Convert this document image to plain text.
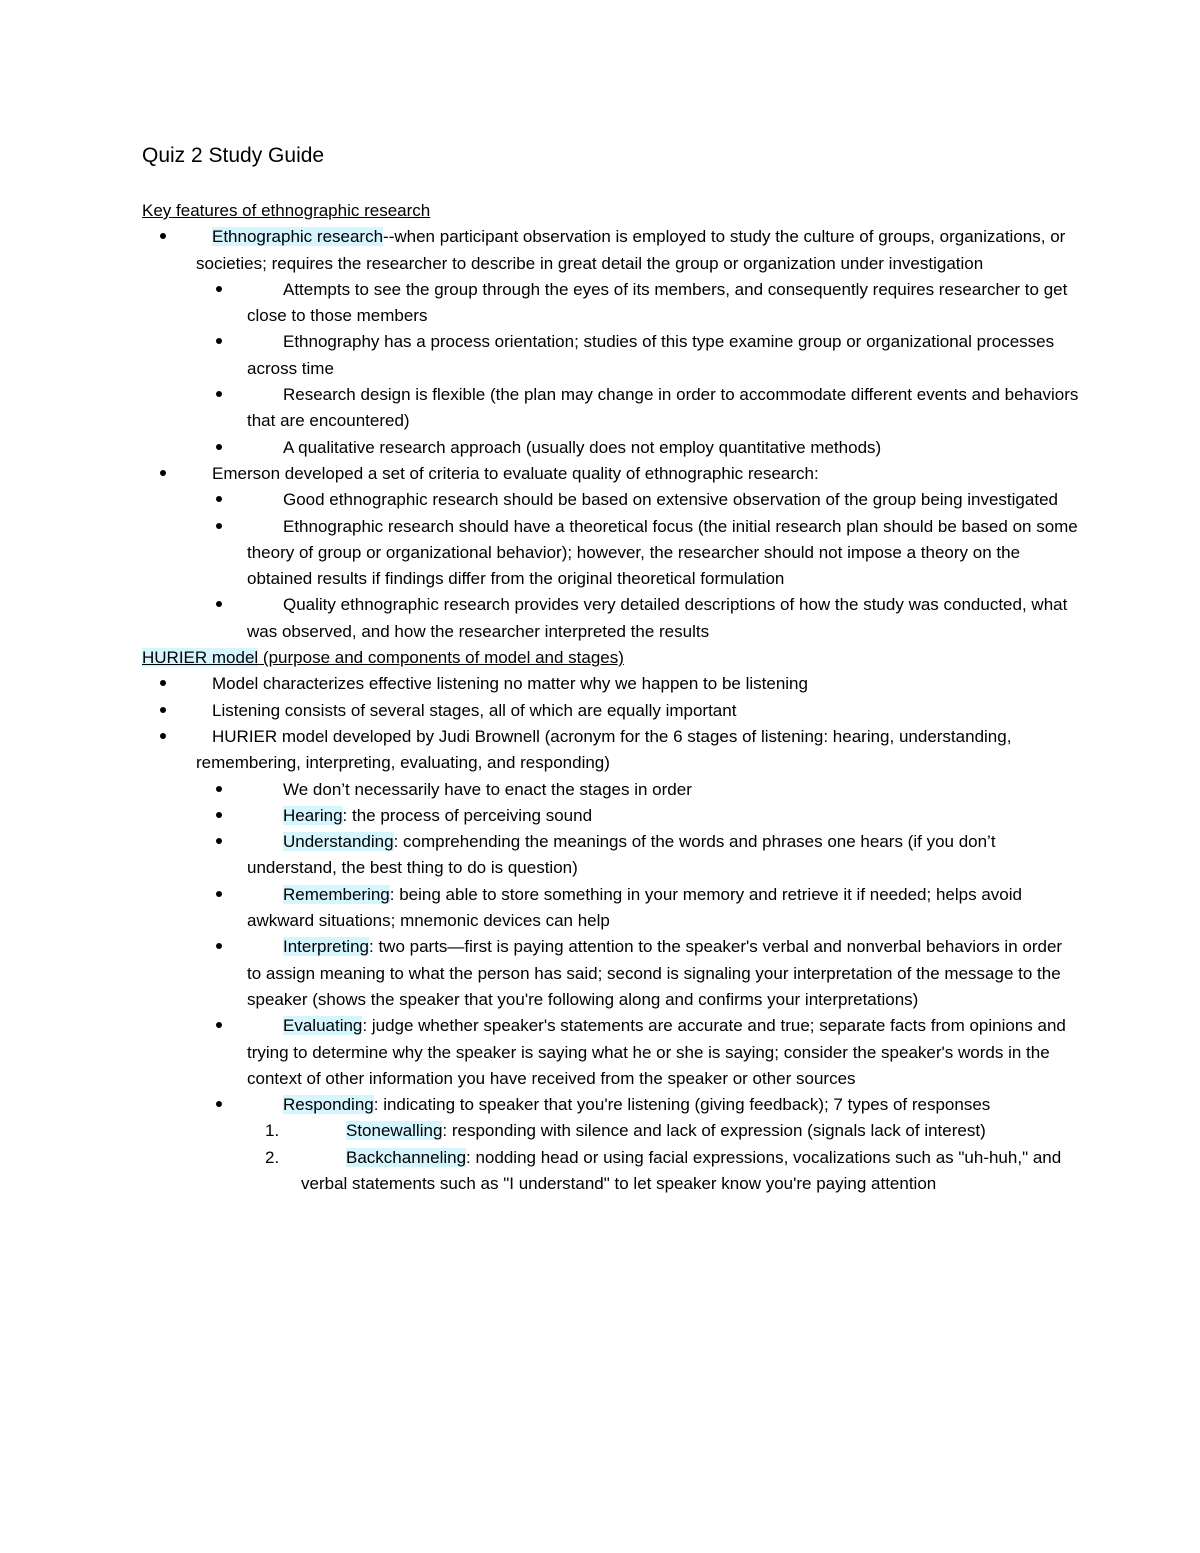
Quiz 2 Study Guide
Key features of ethnographic research
Ethnographic research--when participant observation is employed to study the culture of groups, organizations, or societies; requires the researcher to describe in great detail the group or organization under investigation
Attempts to see the group through the eyes of its members, and consequently requires researcher to get close to those members
Ethnography has a process orientation; studies of this type examine group or organizational processes across time
Research design is flexible (the plan may change in order to accommodate different events and behaviors that are encountered)
A qualitative research approach (usually does not employ quantitative methods)
Emerson developed a set of criteria to evaluate quality of ethnographic research:
Good ethnographic research should be based on extensive observation of the group being investigated
Ethnographic research should have a theoretical focus (the initial research plan should be based on some theory of group or organizational behavior); however, the researcher should not impose a theory on the obtained results if findings differ from the original theoretical formulation
Quality ethnographic research provides very detailed descriptions of how the study was conducted, what was observed, and how the researcher interpreted the results
HURIER model (purpose and components of model and stages)
Model characterizes effective listening no matter why we happen to be listening
Listening consists of several stages, all of which are equally important
HURIER model developed by Judi Brownell (acronym for the 6 stages of listening: hearing, understanding, remembering, interpreting, evaluating, and responding)
We don’t necessarily have to enact the stages in order
Hearing: the process of perceiving sound
Understanding: comprehending the meanings of the words and phrases one hears (if you don’t understand, the best thing to do is question)
Remembering: being able to store something in your memory and retrieve it if needed; helps avoid awkward situations; mnemonic devices can help
Interpreting: two parts—first is paying attention to the speaker's verbal and nonverbal behaviors in order to assign meaning to what the person has said; second is signaling your interpretation of the message to the speaker (shows the speaker that you're following along and confirms your interpretations)
Evaluating: judge whether speaker's statements are accurate and true; separate facts from opinions and trying to determine why the speaker is saying what he or she is saying; consider the speaker's words in the context of other information you have received from the speaker or other sources
Responding: indicating to speaker that you're listening (giving feedback); 7 types of responses
1.	Stonewalling: responding with silence and lack of expression (signals lack of interest)
2.	Backchanneling: nodding head or using facial expressions, vocalizations such as "uh-huh," and verbal statements such as "I understand" to let speaker know you're paying attention
